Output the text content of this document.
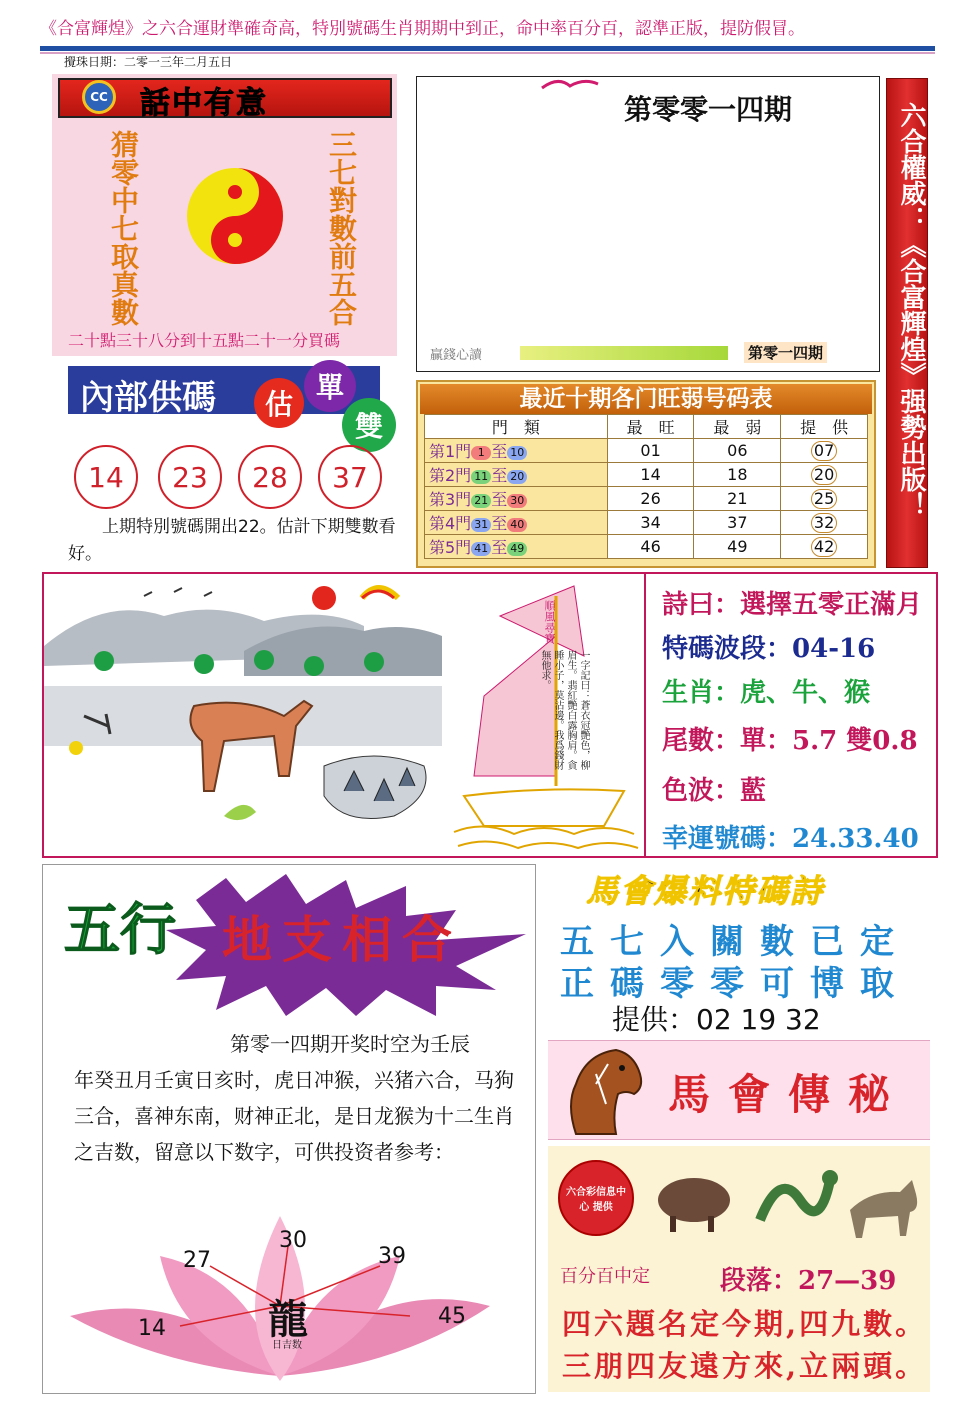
《合富輝煌》之六合運財準確奇高，特別號碼生肖期期中到正，命中率百分百，認準正版，提防假冒。
攪珠日期：二零一三年二月五日
CC 話中有意
猜零中七取真數	三七對數前五合
二十點三十八分到十五點二十一分買碼
第零零一四期
贏錢心讀	第零一四期	六合權威：《合富輝煌》强勢出版！
內部供碼	估
單
雙
14	23	28	37
上期特別號碼開出22。估計下期雙數看好。
最近十期各门旺弱号码表
門　類	最　旺	最　弱	提　供
第1門 1 至 10	01	06	07
第2門 11 至 20	14	18	20
第3門 21 至 30	26	21	25
第4門 31 至 40	34	37	32
第5門 41 至 49	46	49	42
順風尋寶
一字記曰：蒼衣冠艷色，柳眉生。翡紅艷白露胸肩。貪睡小子，莫沾邊。我爲錢財無他求。
詩曰：選擇五零正滿月
特碼波段：04-16
生肖：虎、牛、猴
尾數：單：5.7 雙0.8
色波：藍
幸運號碼：24.33.40
五行 地支相合
第零一四期开奖时空为壬辰
年癸丑月壬寅日亥时，虎日冲猴，兴猪六合，马狗三合，喜神东南，财神正北，是日龙猴为十二生肖之吉数，留意以下数字，可供投资者参考：
27
30
39
14	45
龍
日吉数
馬會爆料特碼詩
五七入關數已定
正碼零零可博取
提供：02 19 32
馬會傳秘
六合彩信息中心 提供
百分百中定	段落：27—39
四六題名定今期,四九數。
三朋四友遠方來,立兩頭。
